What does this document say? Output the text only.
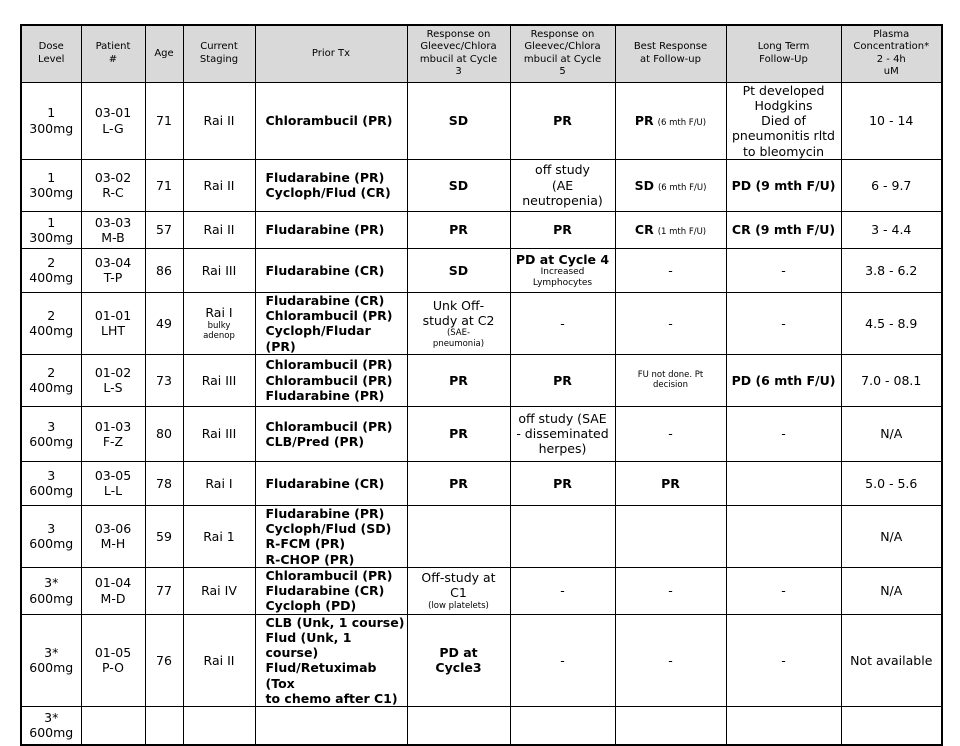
Dose
Level	Patient
#	Age	Current
Staging	Prior Tx	Response on
Gleevec/Chlora
mbucil at Cycle
3	Response on
Gleevec/Chlora
mbucil at Cycle
5	Best Response
at Follow-up	Long Term
Follow-Up	Plasma
Concentration*
2 - 4h
uM

1
300mg	03-01
L-G	71	Rai II	Chlorambucil (PR)	SD	PR	PR (6 mth F/U)	Pt developed
Hodgkins
Died of
pneumonitis rltd
to bleomycin	10 - 14

1
300mg	03-02
R-C	71	Rai II	Fludarabine (PR)
Cycloph/Flud (CR)	SD	off study
(AE
neutropenia)	SD (6 mth F/U)	PD (9 mth F/U)	6 - 9.7

1
300mg	03-03
M-B	57	Rai II	Fludarabine (PR)	PR	PR	CR (1 mth F/U)	CR (9 mth F/U)	3 - 4.4

2
400mg	03-04
T-P	86	Rai III	Fludarabine (CR)	SD	PD at Cycle 4
Increased
Lymphocytes	-	-	3.8 - 6.2

2
400mg	01-01
LHT	49	Rai I
bulky
adenop	Fludarabine (CR)
Chlorambucil (PR)
Cycloph/Fludar (PR)	Unk Off-
study at C2
(SAE-
pneumonia)	-	-	-	4.5 - 8.9

2
400mg	01-02
L-S	73	Rai III	Chlorambucil (PR)
Chlorambucil (PR)
Fludarabine (PR)	PR	PR	FU not done. Pt
decision	PD (6 mth F/U)	7.0 - 08.1

3
600mg	01-03
F-Z	80	Rai III	Chlorambucil (PR)
CLB/Pred (PR)	PR	off study (SAE
- disseminated
herpes)	-	-	N/A

3
600mg	03-05
L-L	78	Rai I	Fludarabine (CR)	PR	PR	PR		5.0 - 5.6

3
600mg	03-06
M-H	59	Rai 1	Fludarabine (PR)
Cycloph/Flud (SD)
R-FCM (PR)
R-CHOP (PR)					N/A

3*
600mg	01-04
M-D	77	Rai IV	Chlorambucil (PR)
Fludarabine (CR)
Cycloph (PD)	Off-study at
C1
(low platelets)	-	-	-	N/A

3*
600mg	01-05
P-O	76	Rai II	CLB (Unk, 1 course)
Flud (Unk, 1 course)
Flud/Retuximab (Tox
to chemo after C1)	PD at
Cycle3	-	-	-	Not available

3*
600mg									
